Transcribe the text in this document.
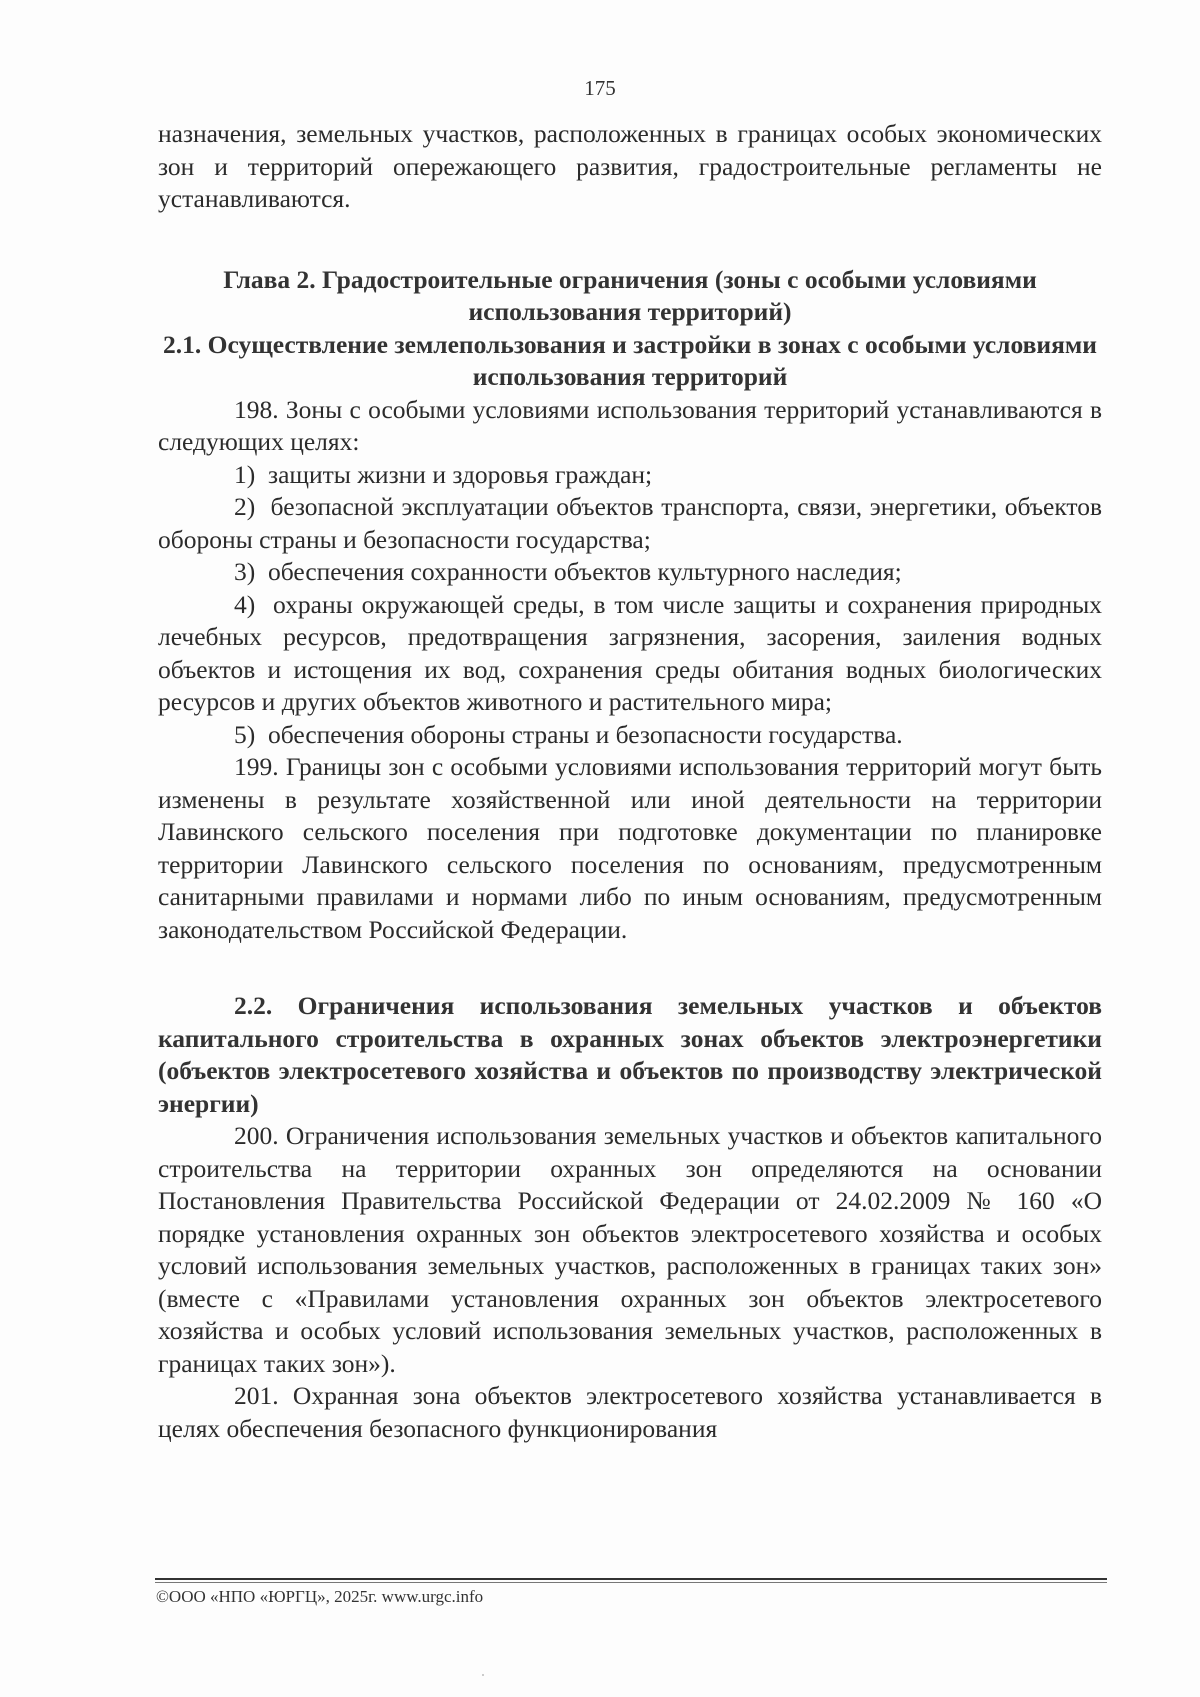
175

назначения, земельных участков, расположенных в границах особых экономических зон и территорий опережающего развития, градостроительные регламенты не устанавливаются.

Глава 2. Градостроительные ограничения (зоны с особыми условиями использования территорий)

2.1. Осуществление землепользования и застройки в зонах с особыми условиями использования территорий

198. Зоны с особыми условиями использования территорий устанавливаются в следующих целях:

1)  защиты жизни и здоровья граждан;

2)  безопасной эксплуатации объектов транспорта, связи, энергетики, объектов обороны страны и безопасности государства;

3)  обеспечения сохранности объектов культурного наследия;

4)  охраны окружающей среды, в том числе защиты и сохранения природных лечебных ресурсов, предотвращения загрязнения, засорения, заиления водных объектов и истощения их вод, сохранения среды обитания водных биологических ресурсов и других объектов животного и растительного мира;

5)  обеспечения обороны страны и безопасности государства.

199. Границы зон с особыми условиями использования территорий могут быть изменены в результате хозяйственной или иной деятельности на территории Лавинского сельского поселения при подготовке документации по планировке территории Лавинского сельского поселения по основаниям, предусмотренным санитарными правилами и нормами либо по иным основаниям, предусмотренным законодательством Российской Федерации.

2.2. Ограничения использования земельных участков и объектов капитального строительства в охранных зонах объектов электроэнергетики (объектов электросетевого хозяйства и объектов по производству электрической энергии)

200. Ограничения использования земельных участков и объектов капитального строительства на территории охранных зон определяются на основании Постановления Правительства Российской Федерации от 24.02.2009 № 160 «О порядке установления охранных зон объектов электросетевого хозяйства и особых условий использования земельных участков, расположенных в границах таких зон» (вместе с «Правилами установления охранных зон объектов электросетевого хозяйства и особых условий использования земельных участков, расположенных в границах таких зон»).

201. Охранная зона объектов электросетевого хозяйства устанавливается в целях обеспечения безопасного функционирования

©ООО «НПО «ЮРГЦ», 2025г. www.urgc.info
